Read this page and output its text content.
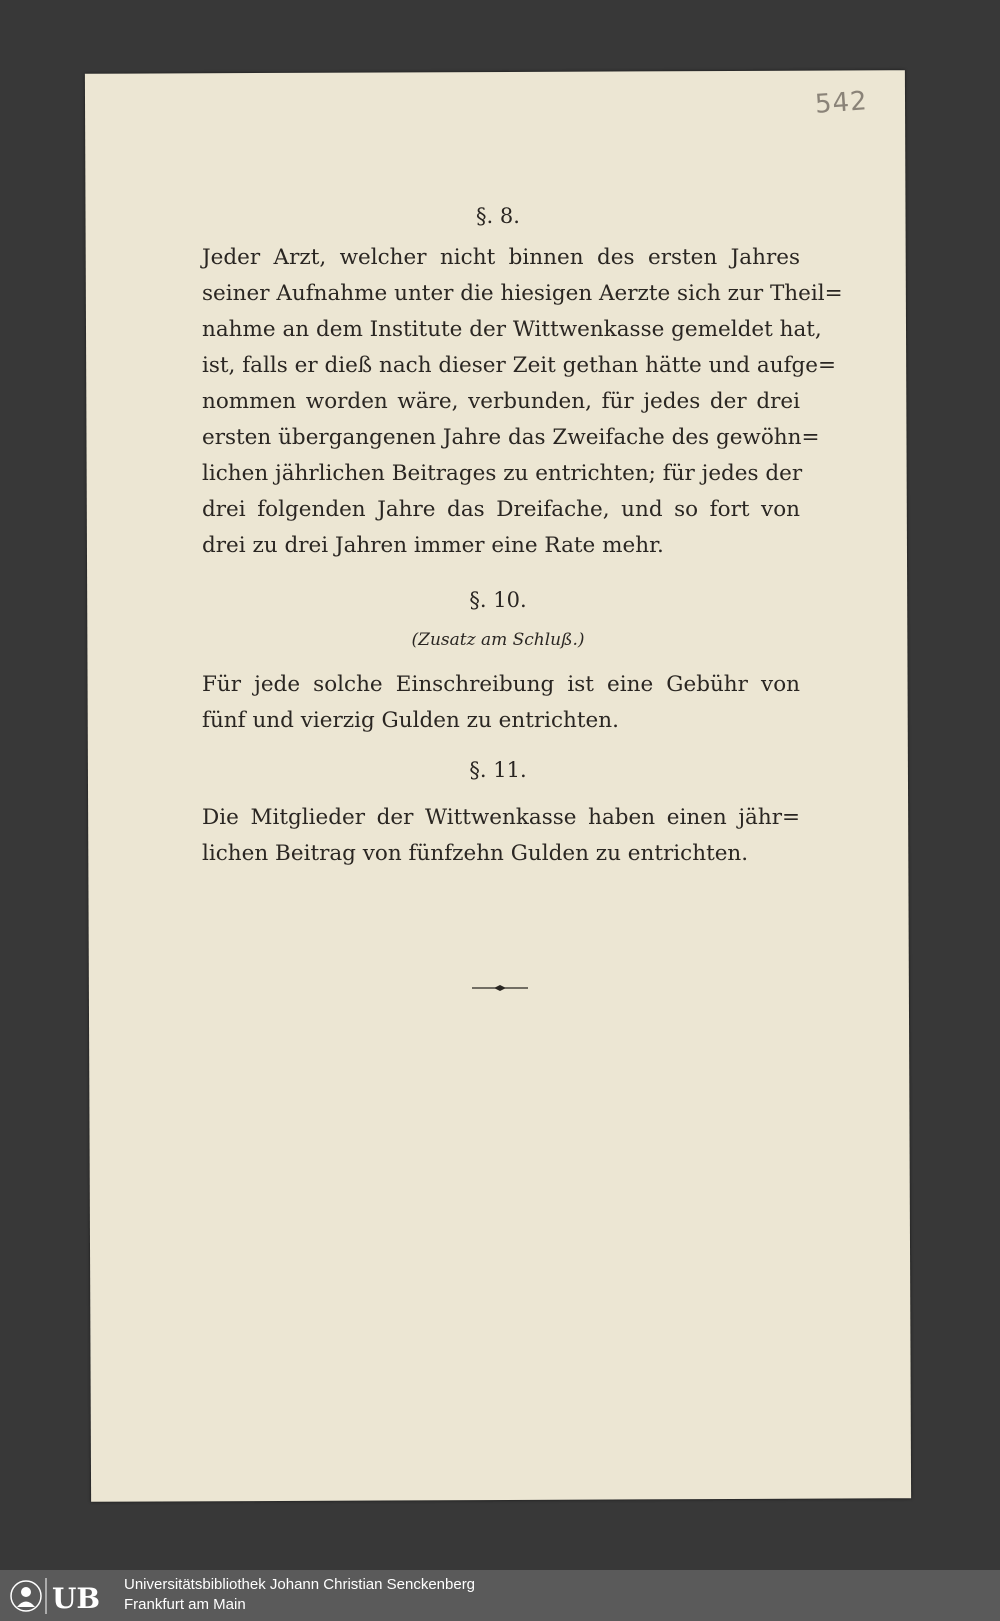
542
§. 8.
Jeder Arzt, welcher nicht binnen des ersten Jahres
seiner Aufnahme unter die hiesigen Aerzte sich zur Theil=
nahme an dem Institute der Wittwenkasse gemeldet hat,
ist, falls er dieß nach dieser Zeit gethan hätte und aufge=
nommen worden wäre, verbunden, für jedes der drei
ersten übergangenen Jahre das Zweifache des gewöhn=
lichen jährlichen Beitrages zu entrichten; für jedes der
drei folgenden Jahre das Dreifache, und so fort von
drei zu drei Jahren immer eine Rate mehr.
§. 10.
(Zusatz am Schluß.)
Für jede solche Einschreibung ist eine Gebühr von
fünf und vierzig Gulden zu entrichten.
§. 11.
Die Mitglieder der Wittwenkasse haben einen jähr=
lichen Beitrag von fünfzehn Gulden zu entrichten.
UB Universitätsbibliothek Johann Christian Senckenberg
Frankfurt am Main
